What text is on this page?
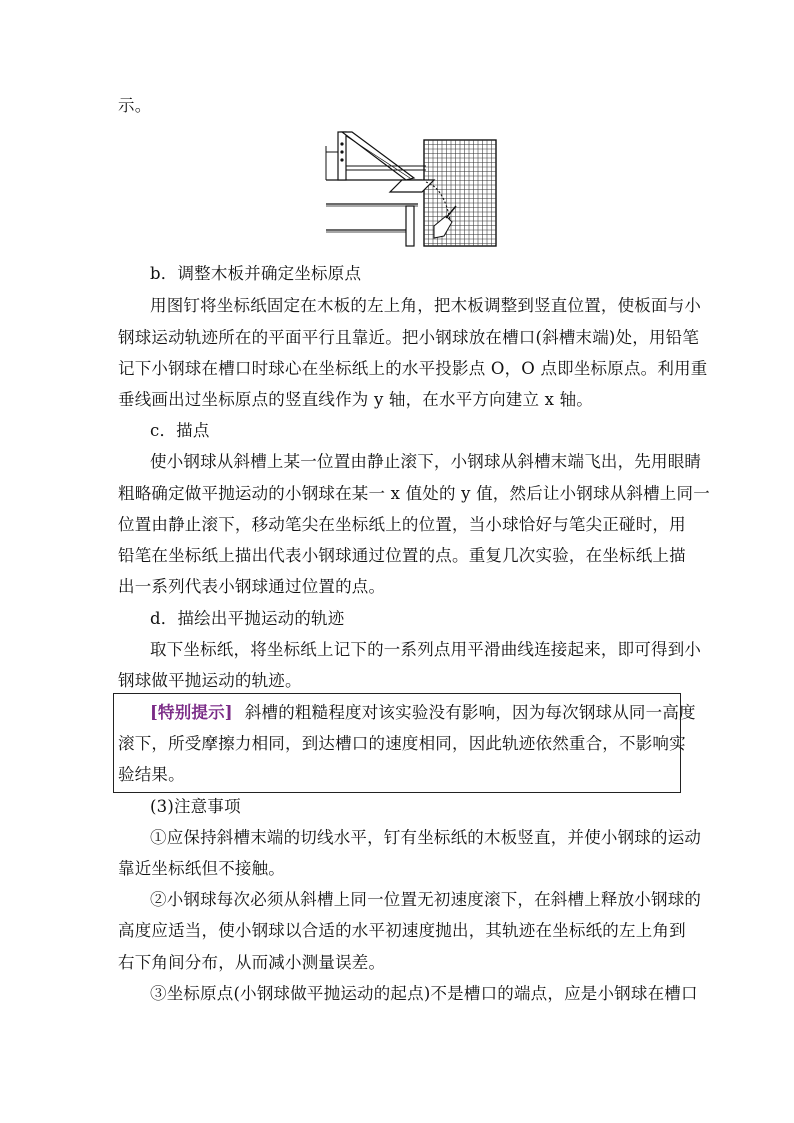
示。
b．调整木板并确定坐标原点
用图钉将坐标纸固定在木板的左上角，把木板调整到竖直位置，使板面与小
钢球运动轨迹所在的平面平行且靠近。把小钢球放在槽口(斜槽末端)处，用铅笔
记下小钢球在槽口时球心在坐标纸上的水平投影点 O，O 点即坐标原点。利用重
垂线画出过坐标原点的竖直线作为 y 轴，在水平方向建立 x 轴。
c．描点
使小钢球从斜槽上某一位置由静止滚下，小钢球从斜槽末端飞出，先用眼睛
粗略确定做平抛运动的小钢球在某一 x 值处的 y 值，然后让小钢球从斜槽上同一
位置由静止滚下，移动笔尖在坐标纸上的位置，当小球恰好与笔尖正碰时，用
铅笔在坐标纸上描出代表小钢球通过位置的点。重复几次实验，在坐标纸上描
出一系列代表小钢球通过位置的点。
d．描绘出平抛运动的轨迹
取下坐标纸，将坐标纸上记下的一系列点用平滑曲线连接起来，即可得到小
钢球做平抛运动的轨迹。
[特别提示] 斜槽的粗糙程度对该实验没有影响，因为每次钢球从同一高度
滚下，所受摩擦力相同，到达槽口的速度相同，因此轨迹依然重合，不影响实
验结果。
(3)注意事项
①应保持斜槽末端的切线水平，钉有坐标纸的木板竖直，并使小钢球的运动
靠近坐标纸但不接触。
②小钢球每次必须从斜槽上同一位置无初速度滚下，在斜槽上释放小钢球的
高度应适当，使小钢球以合适的水平初速度抛出，其轨迹在坐标纸的左上角到
右下角间分布，从而减小测量误差。
③坐标原点(小钢球做平抛运动的起点)不是槽口的端点，应是小钢球在槽口
